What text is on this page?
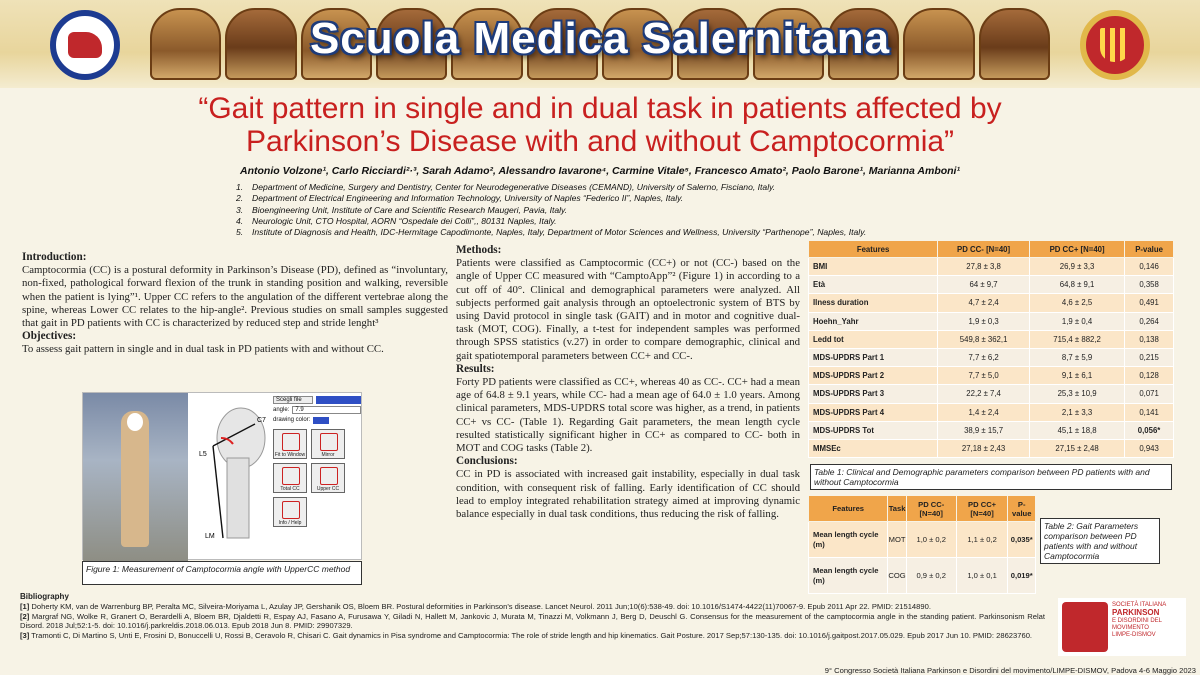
Scuola Medica Salernitana
“Gait pattern in single and in dual task in patients affected by
Parkinson’s Disease with and without Camptocormia”
Antonio Volzone¹, Carlo Ricciardi²·³, Sarah Adamo², Alessandro Iavarone⁴, Carmine Vitale⁵, Francesco Amato², Paolo Barone¹, Marianna Amboni¹
1. Department of Medicine, Surgery and Dentistry, Center for Neurodegenerative Diseases (CEMAND), University of Salerno, Fisciano, Italy.
2. Department of Electrical Engineering and Information Technology, University of Naples “Federico II”, Naples, Italy.
3. Bioengineering Unit, Institute of Care and Scientific Research Maugeri, Pavia, Italy.
4. Neurologic Unit, CTO Hospital, AORN “Ospedale dei Colli”,, 80131 Naples, Italy.
5. Institute of Diagnosis and Health, IDC-Hermitage Capodimonte, Naples, Italy, Department of Motor Sciences and Wellness, University “Parthenope”, Naples, Italy.
Introduction:

Camptocormia (CC) is a postural deformity in Parkinson’s Disease (PD), defined as “involuntary, non-fixed, pathological forward flexion of the trunk in standing position and walking, reversible when the patient is lying”¹. Upper CC refers to the angulation of the different vertebrae along the spine, whereas Lower CC relates to the hip-angle². Previous studies on small samples suggested that gait in PD patients with CC is characterized by reduced step and stride lenght³

Objectives:

To assess gait pattern in single and in dual task in PD patients with and without CC.

C7
L5
LM
Scegli file
angle:	7.9
drawing color:
Fit to Window	Mirror
Total CC	Upper CC
Info / Help
Figure 1: Measurement of Camptocormia angle with UpperCC method
Methods:

Patients were classified as Camptocormic (CC+) or not (CC-) based on the angle of Upper CC measured with “CamptoApp”² (Figure 1) in according to a cut off of 40°. Clinical and demographical parameters were analyzed. All subjects performed gait analysis through an optoelectronic system of BTS by using David protocol in single task (GAIT) and in motor and cognitive dual-task (MOT, COG). Finally, a t-test for independent samples was performed through SPSS statistics (v.27) in order to compare demographic, clinical and gait spatiotemporal parameters between CC+ and CC-.

Results:

Forty PD patients were classified as CC+, whereas 40 as CC-. CC+ had a mean age of 64.8 ± 9.1 years, while CC- had a mean age of 64.0 ± 1.0 years. Among clinical parameters, MDS-UPDRS total score was higher, as a trend, in patients CC+ vs CC- (Table 1). Regarding Gait parameters, the mean length cycle resulted statistically significant higher in CC+ as compared to CC- both in MOT and COG tasks (Table 2).

Conclusions:

CC in PD is associated with increased gait instability, especially in dual task condition, with consequent risk of falling. Early identification of CC should lead to employ integrated rehabilitation strategy aimed at improving dynamic balance especially in dual task conditions, thus reducing the risk of falling.

Features	PD CC- [N=40]	PD CC+ [N=40]	P-value
BMI	27,8 ± 3,8	26,9 ± 3,3	0,146
Età	64 ± 9,7	64,8 ± 9,1	0,358
Ilness duration	4,7 ± 2,4	4,6 ± 2,5	0,491
Hoehn_Yahr	1,9 ± 0,3	1,9 ± 0,4	0,264
Ledd tot	549,8 ± 362,1	715,4 ± 882,2	0,138
MDS-UPDRS Part 1	7,7 ± 6,2	8,7 ± 5,9	0,215
MDS-UPDRS Part 2	7,7 ± 5,0	9,1 ± 6,1	0,128
MDS-UPDRS Part 3	22,2 ± 7,4	25,3 ± 10,9	0,071
MDS-UPDRS Part 4	1,4 ± 2,4	2,1 ± 3,3	0,141
MDS-UPDRS Tot	38,9 ± 15,7	45,1 ± 18,8	0,056*
MMSEc	27,18 ± 2,43	27,15 ± 2,48	0,943
Table 1: Clinical and Demographic parameters comparison between PD patients with and without Camptocormia
Features	Task	PD CC- [N=40]	PD CC+ [N=40]	P-value
Mean length cycle (m)	MOT	1,0 ± 0,2	1,1 ± 0,2	0,035*
Mean length cycle (m)	COG	0,9 ± 0,2	1,0 ± 0,1	0,019*
Table 2: Gait Parameters comparison between PD patients with and without Camptocormia
Bibliography
[1] Doherty KM, van de Warrenburg BP, Peralta MC, Silveira-Moriyama L, Azulay JP, Gershanik OS, Bloem BR. Postural deformities in Parkinson's disease. Lancet Neurol. 2011 Jun;10(6):538-49. doi: 10.1016/S1474-4422(11)70067-9. Epub 2011 Apr 22. PMID: 21514890.
[2] Margraf NG, Wolke R, Granert O, Berardelli A, Bloem BR, Djaldetti R, Espay AJ, Fasano A, Furusawa Y, Giladi N, Hallett M, Jankovic J, Murata M, Tinazzi M, Volkmann J, Berg D, Deuschl G. Consensus for the measurement of the camptocormia angle in the standing patient. Parkinsonism Relat Disord. 2018 Jul;52:1-5. doi: 10.1016/j.parkreldis.2018.06.013. Epub 2018 Jun 8. PMID: 29907329.
[3] Tramonti C, Di Martino S, Unti E, Frosini D, Bonuccelli U, Rossi B, Ceravolo R, Chisari C. Gait dynamics in Pisa syndrome and Camptocormia: The role of stride length and hip kinematics. Gait Posture. 2017 Sep;57:130-135. doi: 10.1016/j.gaitpost.2017.05.029. Epub 2017 Jun 10. PMID: 28623760.
SOCIETÀ ITALIANA
PARKINSON
E DISORDINI DEL MOVIMENTO
LIMPE-DISMOV
9° Congresso Società Italiana Parkinson e Disordini del movimento/LIMPE-DISMOV, Padova 4-6 Maggio 2023
